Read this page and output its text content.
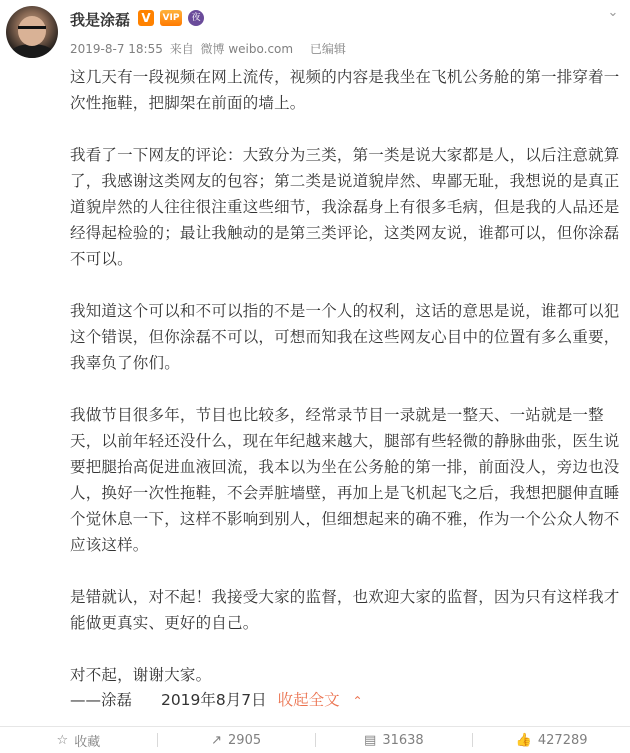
我是涂磊 V	VIP	夜
2019-8-7 18:55 来自 微博 weibo.com 已编辑
⌄

这几天有一段视频在网上流传，视频的内容是我坐在飞机公务舱的第一排穿着一次性拖鞋，把脚架在前面的墙上。

我看了一下网友的评论：大致分为三类，第一类是说大家都是人，以后注意就算了，我感谢这类网友的包容；第二类是说道貌岸然、卑鄙无耻，我想说的是真正道貌岸然的人往往很注重这些细节，我涂磊身上有很多毛病，但是我的人品还是经得起检验的；最让我触动的是第三类评论，这类网友说，谁都可以，但你涂磊不可以。

我知道这个可以和不可以指的不是一个人的权利，这话的意思是说，谁都可以犯这个错误，但你涂磊不可以，可想而知我在这些网友心目中的位置有多么重要，我辜负了你们。

我做节目很多年，节目也比较多，经常录节目一录就是一整天、一站就是一整天，以前年轻还没什么，现在年纪越来越大，腿部有些轻微的静脉曲张，医生说要把腿抬高促进血液回流，我本以为坐在公务舱的第一排，前面没人，旁边也没人，换好一次性拖鞋，不会弄脏墙壁，再加上是飞机起飞之后，我想把腿伸直睡个觉休息一下，这样不影响到别人，但细想起来的确不雅，作为一个公众人物不应该这样。

是错就认，对不起！我接受大家的监督，也欢迎大家的监督，因为只有这样我才能做更真实、更好的自己。

对不起，谢谢大家。

——涂磊 2019年8月7日 收起全文 ⌃
☆ 收藏	↗ 2905	▤ 31638	👍 427289
